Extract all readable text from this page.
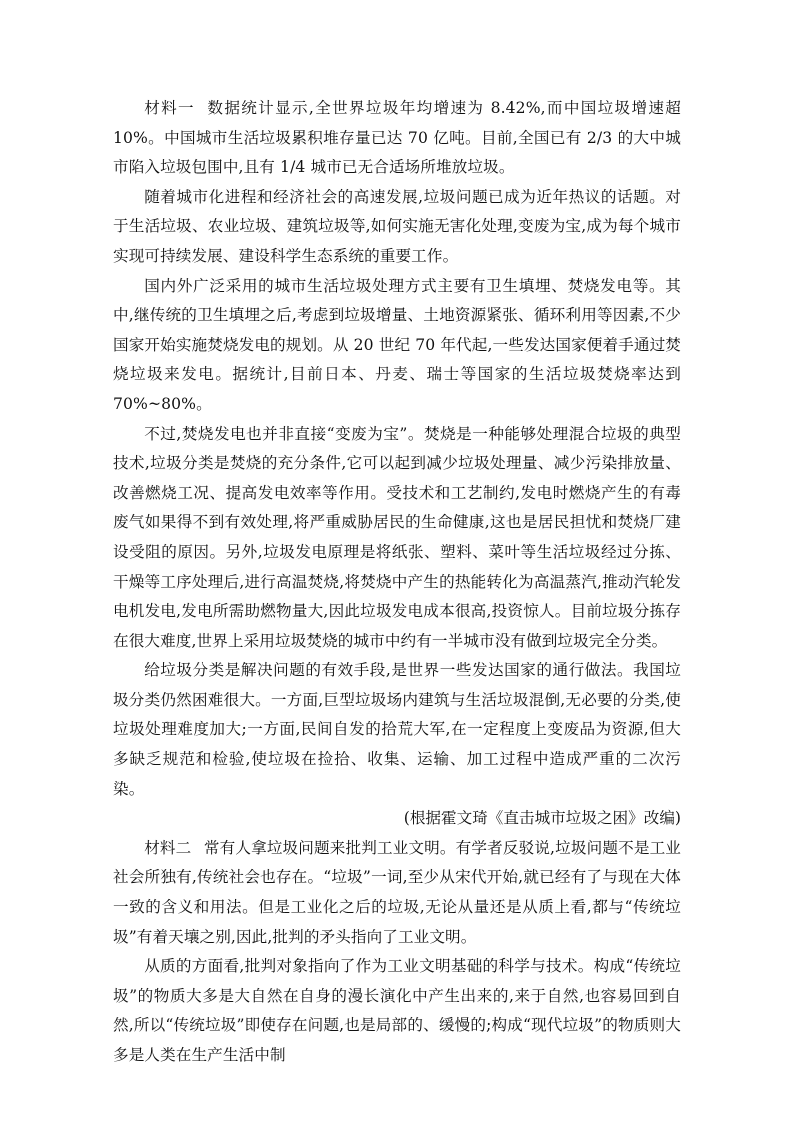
材料一 数据统计显示,全世界垃圾年均增速为 8.42%,而中国垃圾增速超 10%。中国城市生活垃圾累积堆存量已达 70 亿吨。目前,全国已有 2/3 的大中城市陷入垃圾包围中,且有 1/4 城市已无合适场所堆放垃圾。

随着城市化进程和经济社会的高速发展,垃圾问题已成为近年热议的话题。对于生活垃圾、农业垃圾、建筑垃圾等,如何实施无害化处理,变废为宝,成为每个城市实现可持续发展、建设科学生态系统的重要工作。

国内外广泛采用的城市生活垃圾处理方式主要有卫生填埋、焚烧发电等。其中,继传统的卫生填埋之后,考虑到垃圾增量、土地资源紧张、循环利用等因素,不少国家开始实施焚烧发电的规划。从 20 世纪 70 年代起,一些发达国家便着手通过焚烧垃圾来发电。据统计,目前日本、丹麦、瑞士等国家的生活垃圾焚烧率达到 70%~80%。

不过,焚烧发电也并非直接“变废为宝”。焚烧是一种能够处理混合垃圾的典型技术,垃圾分类是焚烧的充分条件,它可以起到减少垃圾处理量、减少污染排放量、改善燃烧工况、提高发电效率等作用。受技术和工艺制约,发电时燃烧产生的有毒废气如果得不到有效处理,将严重威胁居民的生命健康,这也是居民担忧和焚烧厂建设受阻的原因。另外,垃圾发电原理是将纸张、塑料、菜叶等生活垃圾经过分拣、干燥等工序处理后,进行高温焚烧,将焚烧中产生的热能转化为高温蒸汽,推动汽轮发电机发电,发电所需助燃物量大,因此垃圾发电成本很高,投资惊人。目前垃圾分拣存在很大难度,世界上采用垃圾焚烧的城市中约有一半城市没有做到垃圾完全分类。

给垃圾分类是解决问题的有效手段,是世界一些发达国家的通行做法。我国垃圾分类仍然困难很大。一方面,巨型垃圾场内建筑与生活垃圾混倒,无必要的分类,使垃圾处理难度加大;一方面,民间自发的拾荒大军,在一定程度上变废品为资源,但大多缺乏规范和检验,使垃圾在捡拾、收集、运输、加工过程中造成严重的二次污染。

(根据霍文琦《直击城市垃圾之困》改编)

材料二 常有人拿垃圾问题来批判工业文明。有学者反驳说,垃圾问题不是工业社会所独有,传统社会也存在。“垃圾”一词,至少从宋代开始,就已经有了与现在大体一致的含义和用法。但是工业化之后的垃圾,无论从量还是从质上看,都与“传统垃圾”有着天壤之别,因此,批判的矛头指向了工业文明。

从质的方面看,批判对象指向了作为工业文明基础的科学与技术。构成“传统垃圾”的物质大多是大自然在自身的漫长演化中产生出来的,来于自然,也容易回到自然,所以“传统垃圾”即使存在问题,也是局部的、缓慢的;构成“现代垃圾”的物质则大多是人类在生产生活中制
